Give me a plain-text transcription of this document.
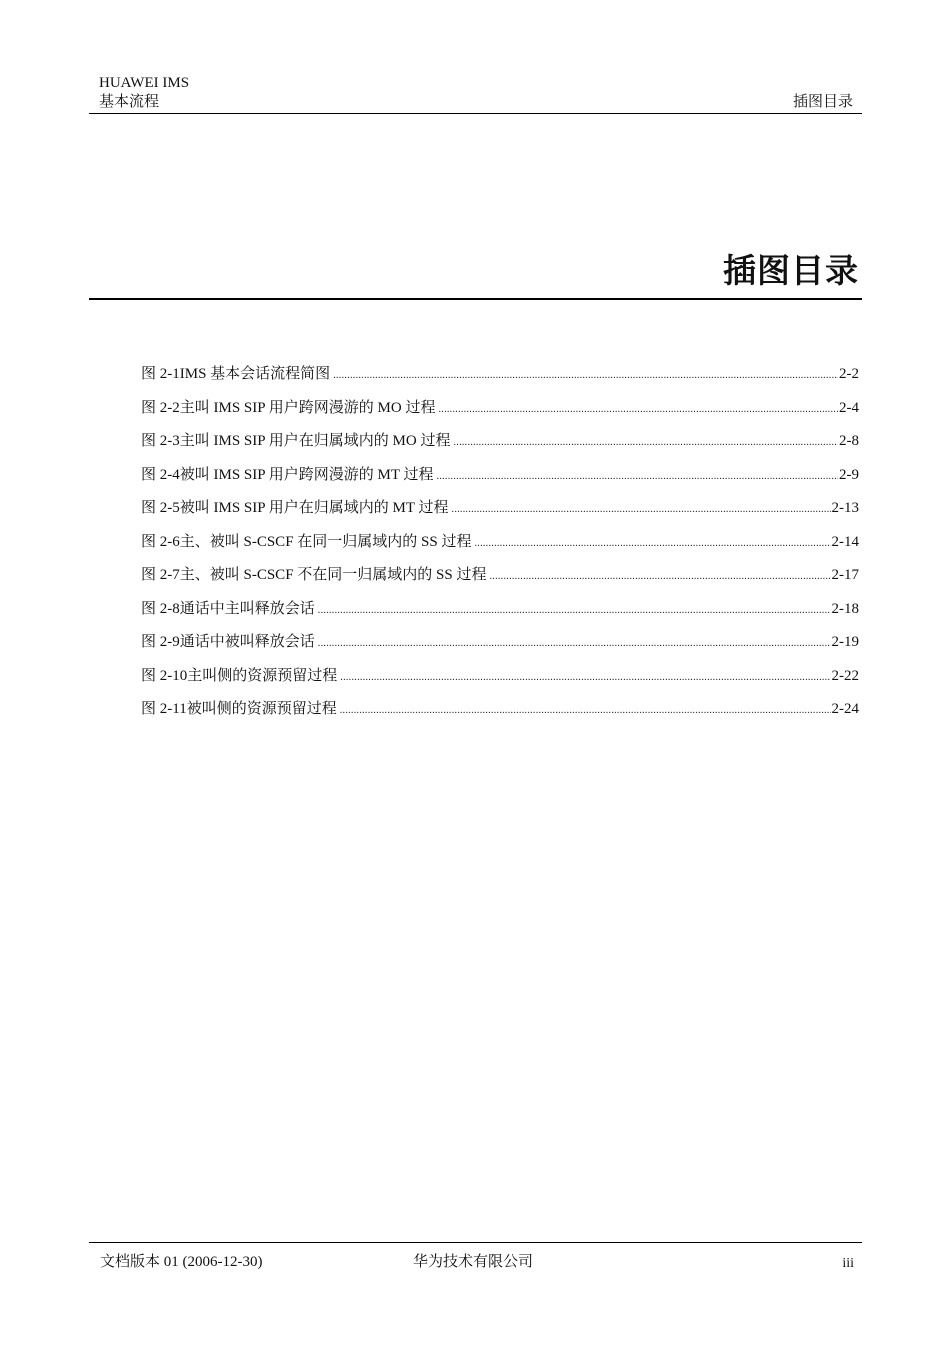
HUAWEI IMS
基本流程	插图目录
插图目录
图 2-1 IMS 基本会话流程简图 .....	2-2
图 2-2 主叫 IMS SIP 用户跨网漫游的 MO 过程 .....	2-4
图 2-3 主叫 IMS SIP 用户在归属域内的 MO 过程 .....	2-8
图 2-4 被叫 IMS SIP 用户跨网漫游的 MT 过程 .....	2-9
图 2-5 被叫 IMS SIP 用户在归属域内的 MT 过程 .....	2-13
图 2-6 主、被叫 S-CSCF 在同一归属域内的 SS 过程 .....	2-14
图 2-7 主、被叫 S-CSCF 不在同一归属域内的 SS 过程 .....	2-17
图 2-8 通话中主叫释放会话 .....	2-18
图 2-9 通话中被叫释放会话 .....	2-19
图 2-10 主叫侧的资源预留过程 .....	2-22
图 2-11 被叫侧的资源预留过程 .....	2-24
文档版本 01 (2006-12-30)	华为技术有限公司	iii
